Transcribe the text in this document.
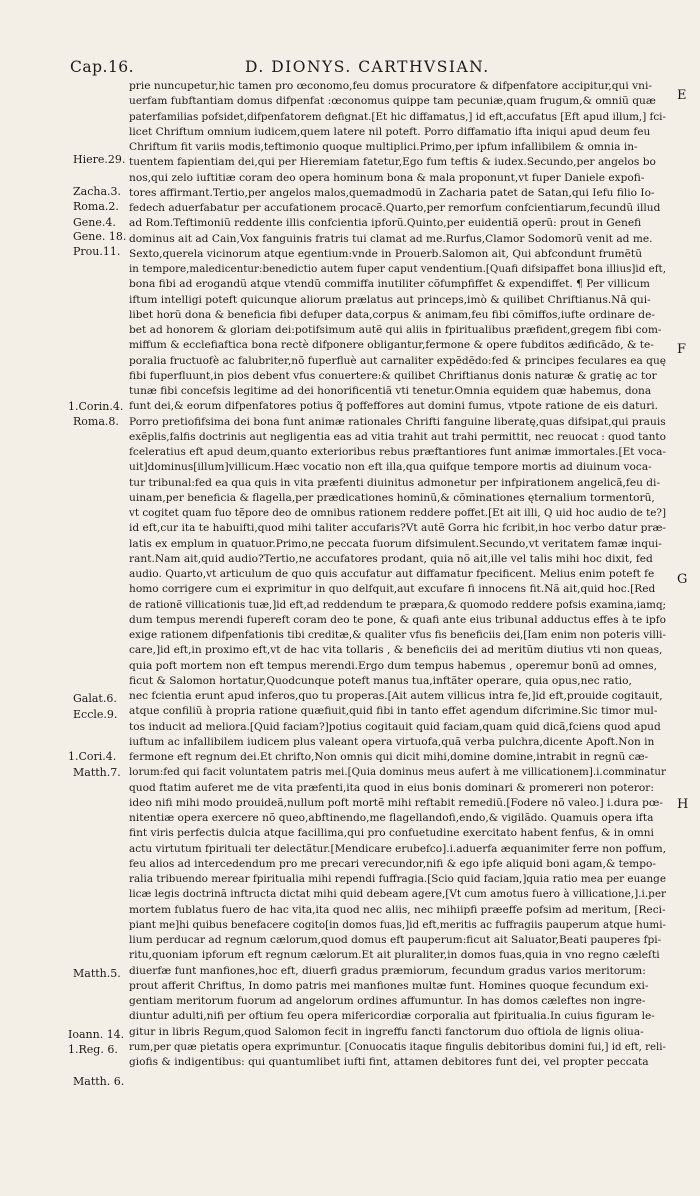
Cap.16.	D. DIONYS. CARTHVSIAN.
prie nuncupetur,hic tamen pro œconomo,feu domus procuratore & difpenfatore accipitur,qui vni-
uerfam fubftantiam domus difpenfat :œconomus quippe tam pecuniæ,quam frugum,& omniũ quæ
paterfamilias pofsidet,difpenfatorem defignat.[Et hic diffamatus,] id eft,accufatus [Eft apud illum,] fci-
licet Chriftum omnium iudicem,quem latere nil poteft. Porro diffamatio ifta iniqui apud deum feu
Chriftum fit variis modis,teftimonio quoque multiplici.Primo,per ipfum infallibilem & omnia in-
tuentem fapientiam dei,qui per Hieremiam fatetur,Ego fum teftis & iudex.Secundo,per angelos bo
nos,qui zelo iuftitiæ coram deo opera hominum bona & mala proponunt,vt fuper Daniele expofi-
tores affirmant.Tertio,per angelos malos,quemadmodũ in Zacharia patet de Satan,qui Iefu filio Io-
fedech aduerfabatur per accufationem procacẽ.Quarto,per remorfum confcientiarum,fecundũ illud
ad Rom.Teftimoniũ reddente illis confcientia ipforũ.Quinto,per euidentiã operũ: prout in Genefi
dominus ait ad Cain,Vox fanguinis fratris tui clamat ad me.Rurfus,Clamor Sodomorũ venit ad me.
Sexto,querela vicinorum atque egentium:vnde in Prouerb.Salomon ait, Qui abfcondunt frumẽtũ
in tempore,maledicentur:benedictio autem fuper caput vendentium.[Quafi difsipaffet bona illius]id eft,
bona fibi ad erogandũ atque vtendũ commiffa inutiliter cõfumpfiffet & expendiffet. ¶ Per villicum
iftum intelligi poteft quicunque aliorum prælatus aut princeps,imò & quilibet Chriftianus.Nã qui-
libet horũ dona & beneficia fibi defuper data,corpus & animam,feu fibi cõmiffos,iufte ordinare de-
bet ad honorem & gloriam dei:potifsimum autẽ qui aliis in fpiritualibus præfident,gregem fibi com-
miffum & ecclefiaftica bona rectè difponere obligantur,fermone & opere fubditos ædificãdo, & te-
poralia fructuofè ac falubriter,nõ fuperfluè aut carnaliter expẽdẽdo:fed & principes feculares ea quę
fibi fuperfluunt,in pios debent vfus conuertere:& quilibet Chriftianus donis naturæ & gratię ac tor
tunæ fibi concefsis legitime ad dei honorificentiã vti tenetur.Omnia equidem quæ habemus, dona
funt dei,& eorum difpenfatores potius q̃ poffeffores aut domini fumus, vtpote ratione de eis daturi.
Porro pretiofifsima dei bona funt animæ rationales Chrifti fanguine liberatę,quas difsipat,qui prauis
exẽplis,falfis doctrinis aut negligentia eas ad vitia trahit aut trahi permittit, nec reuocat : quod tanto
fceleratius eft apud deum,quanto exterioribus rebus præftantiores funt animæ immortales.[Et voca-
uit]dominus[illum]villicum.Hæc vocatio non eft illa,qua quifque tempore mortis ad diuinum voca-
tur tribunal:fed ea qua quis in vita præfenti diuinitus admonetur per infpirationem angelicã,feu di-
uinam,per beneficia & flagella,per prædicationes hominũ,& cõminationes ęternalium tormentorũ,
vt cogitet quam fuo tẽpore deo de omnibus rationem reddere poffet.[Et ait illi, Q uid hoc audio de te?]
id eft,cur ita te habuifti,quod mihi taliter accufaris?Vt autẽ Gorra hic fcribit,in hoc verbo datur præ-
latis ex emplum in quatuor.Primo,ne peccata fuorum difsimulent.Secundo,vt veritatem famæ inqui-
rant.Nam ait,quid audio?Tertio,ne accufatores prodant, quia nõ ait,ille vel talis mihi hoc dixit, fed
audio. Quarto,vt articulum de quo quis accufatur aut diffamatur fpecificent. Melius enim poteft fe
homo corrigere cum ei exprimitur in quo delfquit,aut excufare fi innocens fit.Nã ait,quid hoc.[Red
de rationẽ villicationis tuæ,]id eft,ad reddendum te præpara,& quomodo reddere pofsis examina,iamq;
dum tempus merendi fupereft coram deo te pone, & quafi ante eius tribunal adductus effes à te ipfo
exige rationem difpenfationis tibi creditæ,& qualiter vfus fis beneficiis dei,[Iam enim non poteris villi-
care,]id eft,in proximo eft,vt de hac vita tollaris , & beneficiis dei ad meritũm diutius vti non queas,
quia poft mortem non eft tempus merendi.Ergo dum tempus habemus , operemur bonũ ad omnes,
ficut & Salomon hortatur,Quodcunque poteft manus tua,inftãter operare, quia opus,nec ratio,
nec fcientia erunt apud inferos,quo tu properas.[Ait autem villicus intra fe,]id eft,prouide cogitauit,
atque confiliũ à propria ratione quæfiuit,quid fibi in tanto effet agendum difcrimine.Sic timor mul-
tos inducit ad meliora.[Quid faciam?]potius cogitauit quid faciam,quam quid dicã,fciens quod apud
iuftum ac infallibilem iudicem plus valeant opera virtuofa,quã verba pulchra,dicente Apoft.Non in
fermone eft regnum dei.Et chrifto,Non omnis qui dicit mihi,domine domine,intrabit in regnũ cæ-
lorum:fed qui facit voluntatem patris mei.[Quia dominus meus aufert à me villicationem].i.comminatur
quod ftatim auferet me de vita præfenti,ita quod in eius bonis dominari & promereri non poteror:
ideo nifi mihi modo prouideã,nullum poft mortẽ mihi reftabit remediũ.[Fodere nõ valeo.] i.dura pœ-
nitentiæ opera exercere nõ queo,abftinendo,me flagellandofi,endo,& vigilãdo. Quamuis opera ifta
fint viris perfectis dulcia atque facillima,qui pro confuetudine exercitato habent fenfus, & in omni
actu virtutum fpirituali ter delectãtur.[Mendicare erubefco].i.aduerfa æquanimiter ferre non poffum,
feu alios ad intercedendum pro me precari verecundor,nifi & ego ipfe aliquid boni agam,& tempo-
ralia tribuendo merear fpiritualia mihi rependi fuffragia.[Scio quid faciam,]quia ratio mea per euange
licæ legis doctrinã inftructa dictat mihi quid debeam agere,[Vt cum amotus fuero à villicatione,].i.per
mortem fublatus fuero de hac vita,ita quod nec aliis, nec mihiipfi præeffe pofsim ad meritum, [Reci-
piant me]hi quibus benefacere cogito[in domos fuas,]id eft,meritis ac fuffragiis pauperum atque humi-
lium perducar ad regnum cælorum,quod domus eft pauperum:ficut ait Saluator,Beati pauperes fpi-
ritu,quoniam ipforum eft regnum cælorum.Et ait pluraliter,in domos fuas,quia in vno regno cæleſti
diuerfæ funt manfiones,hoc eft, diuerfi gradus præmiorum, fecundum gradus varios meritorum:
prout afferit Chriftus, In domo patris mei manfiones multæ funt. Homines quoque fecundum exi-
gentiam meritorum fuorum ad angelorum ordines affumuntur. In has domos cæleftes non ingre-
diuntur adulti,nifi per oftium feu opera mifericordiæ corporalia aut fpiritualia.In cuius figuram le-
gitur in libris Regum,quod Salomon fecit in ingreffu fancti fanctorum duo oftiola de lignis oliua-
rum,per quæ pietatis opera exprimuntur. [Conuocatis itaque fingulis debitoribus domini fui,] id eft, reli-
giofis & indigentibus: qui quantumlibet iufti fint, attamen debitores funt dei, vel propter peccata
Hiere.29.
Zacha.3.
Roma.2.
Gene.4.
Gene. 18.
Prou.11.
1.Corin.4.
Roma.8.
Galat.6.
Eccle.9.
1.Cori.4.
Matth.7.
Matth.5.
Ioann. 14.
1.Reg. 6.
Matth. 6.
E
F
G
H
